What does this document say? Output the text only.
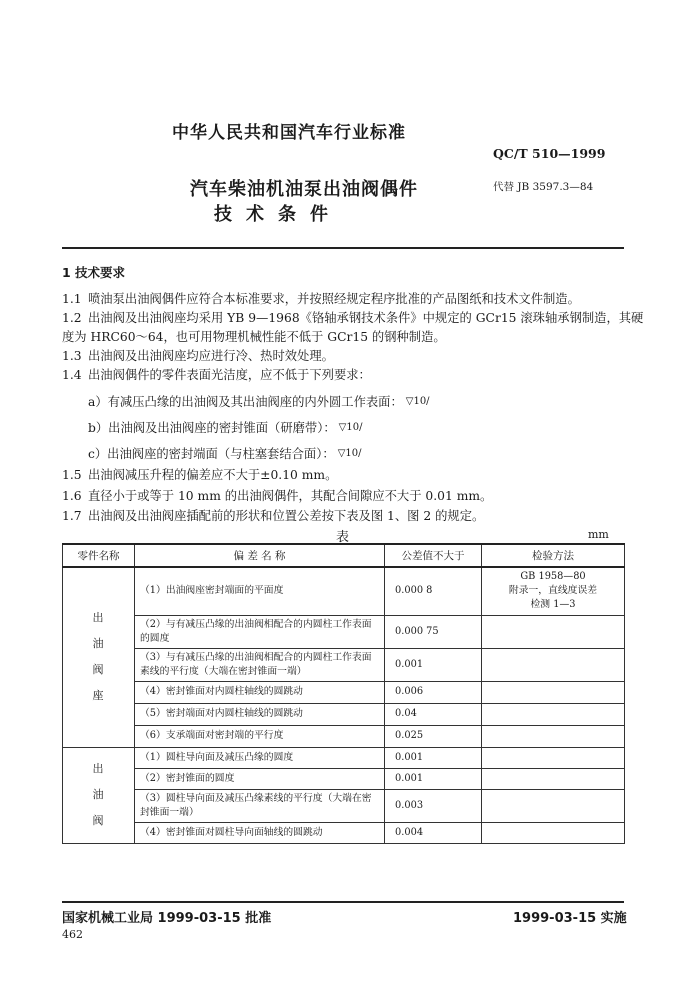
中华人民共和国汽车行业标准
QC/T 510—1999
汽车柴油机油泵出油阀偶件	代替 JB 3597.3—84
技术条件
1 技术要求
1.1 喷油泵出油阀偶件应符合本标准要求，并按照经规定程序批准的产品图纸和技术文件制造。
1.2 出油阀及出油阀座均采用 YB 9—1968《铬轴承钢技术条件》中规定的 GCr15 滚珠轴承钢制造，其硬
度为 HRC60～64，也可用物理机械性能不低于 GCr15 的钢种制造。
1.3 出油阀及出油阀座均应进行冷、热时效处理。
1.4 出油阀偶件的零件表面光洁度，应不低于下列要求：
a）有减压凸缘的出油阀及其出油阀座的内外圆工作表面： ▽10/
b）出油阀及出油阀座的密封锥面（研磨带）： ▽10/
c）出油阀座的密封端面（与柱塞套结合面）： ▽10/
1.5 出油阀减压升程的偏差应不大于±0.10 mm。
1.6 直径小于或等于 10 mm 的出油阀偶件，其配合间隙应不大于 0.01 mm。
1.7 出油阀及出油阀座插配前的形状和位置公差按下表及图 1、图 2 的规定。
表	mm
零件名称	偏 差 名 称	公差值不大于	检验方法
出
油
阀
座	（1）出油阀座密封端面的平面度	0.000 8	GB 1958—80
附录一，直线度误差
检测 1—3
	（2）与有减压凸缘的出油阀相配合的内圆柱工作表面的圆度	0.000 75	
	（3）与有减压凸缘的出油阀相配合的内圆柱工作表面素线的平行度（大端在密封锥面一端）	0.001	
	（4）密封锥面对内圆柱轴线的圆跳动	0.006	
	（5）密封端面对内圆柱轴线的圆跳动	0.04	
	（6）支承端面对密封端的平行度	0.025	
出
油
阀	（1）圆柱导向面及减压凸缘的圆度	0.001	
	（2）密封锥面的圆度	0.001	
	（3）圆柱导向面及减压凸缘素线的平行度（大端在密封锥面一端）	0.003	
	（4）密封锥面对圆柱导向面轴线的圆跳动	0.004	
国家机械工业局 1999-03-15 批准	1999-03-15 实施
462
